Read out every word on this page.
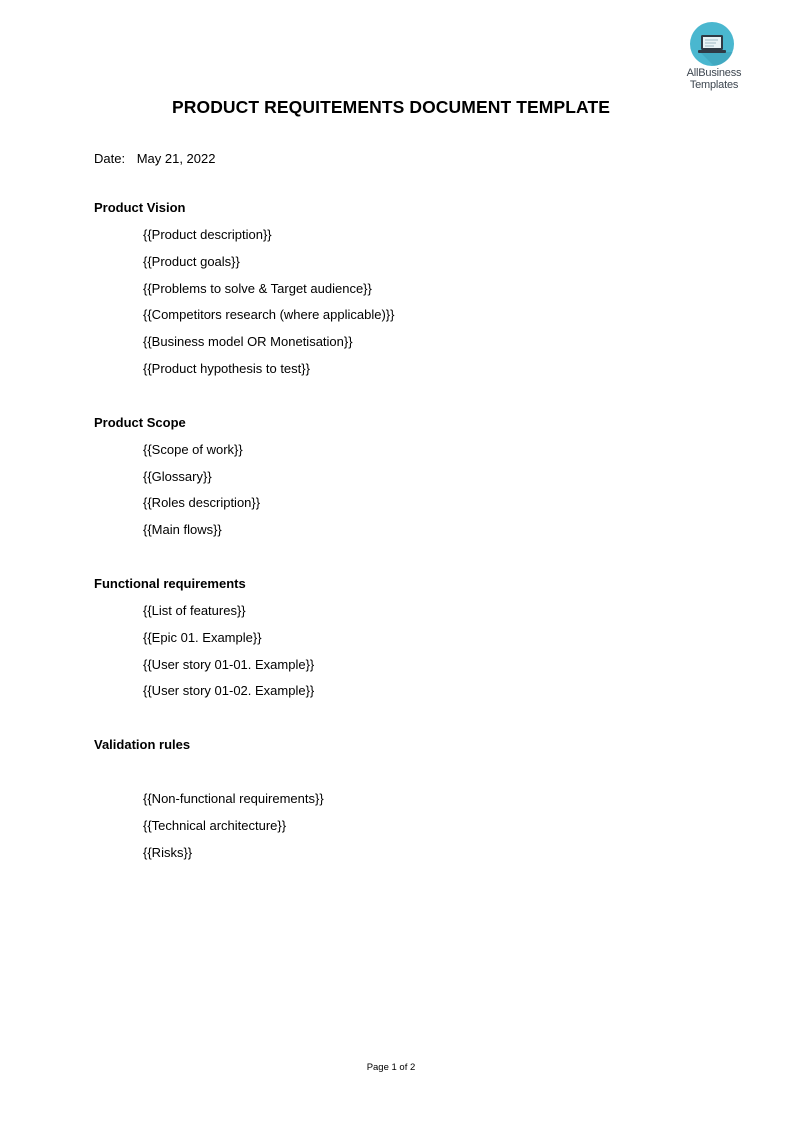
AllBusiness
Templates
PRODUCT REQUITEMENTS DOCUMENT TEMPLATE
Date: May 21, 2022
Product Vision
{{Product description}}
{{Product goals}}
{{Problems to solve & Target audience}}
{{Competitors research (where applicable)}}
{{Business model OR Monetisation}}
{{Product hypothesis to test}}
Product Scope
{{Scope of work}}
{{Glossary}}
{{Roles description}}
{{Main flows}}
Functional requirements
{{List of features}}
{{Epic 01. Example}}
{{User story 01-01. Example}}
{{User story 01-02. Example}}
Validation rules
{{Non-functional requirements}}
{{Technical architecture}}
{{Risks}}
Page 1 of 2
